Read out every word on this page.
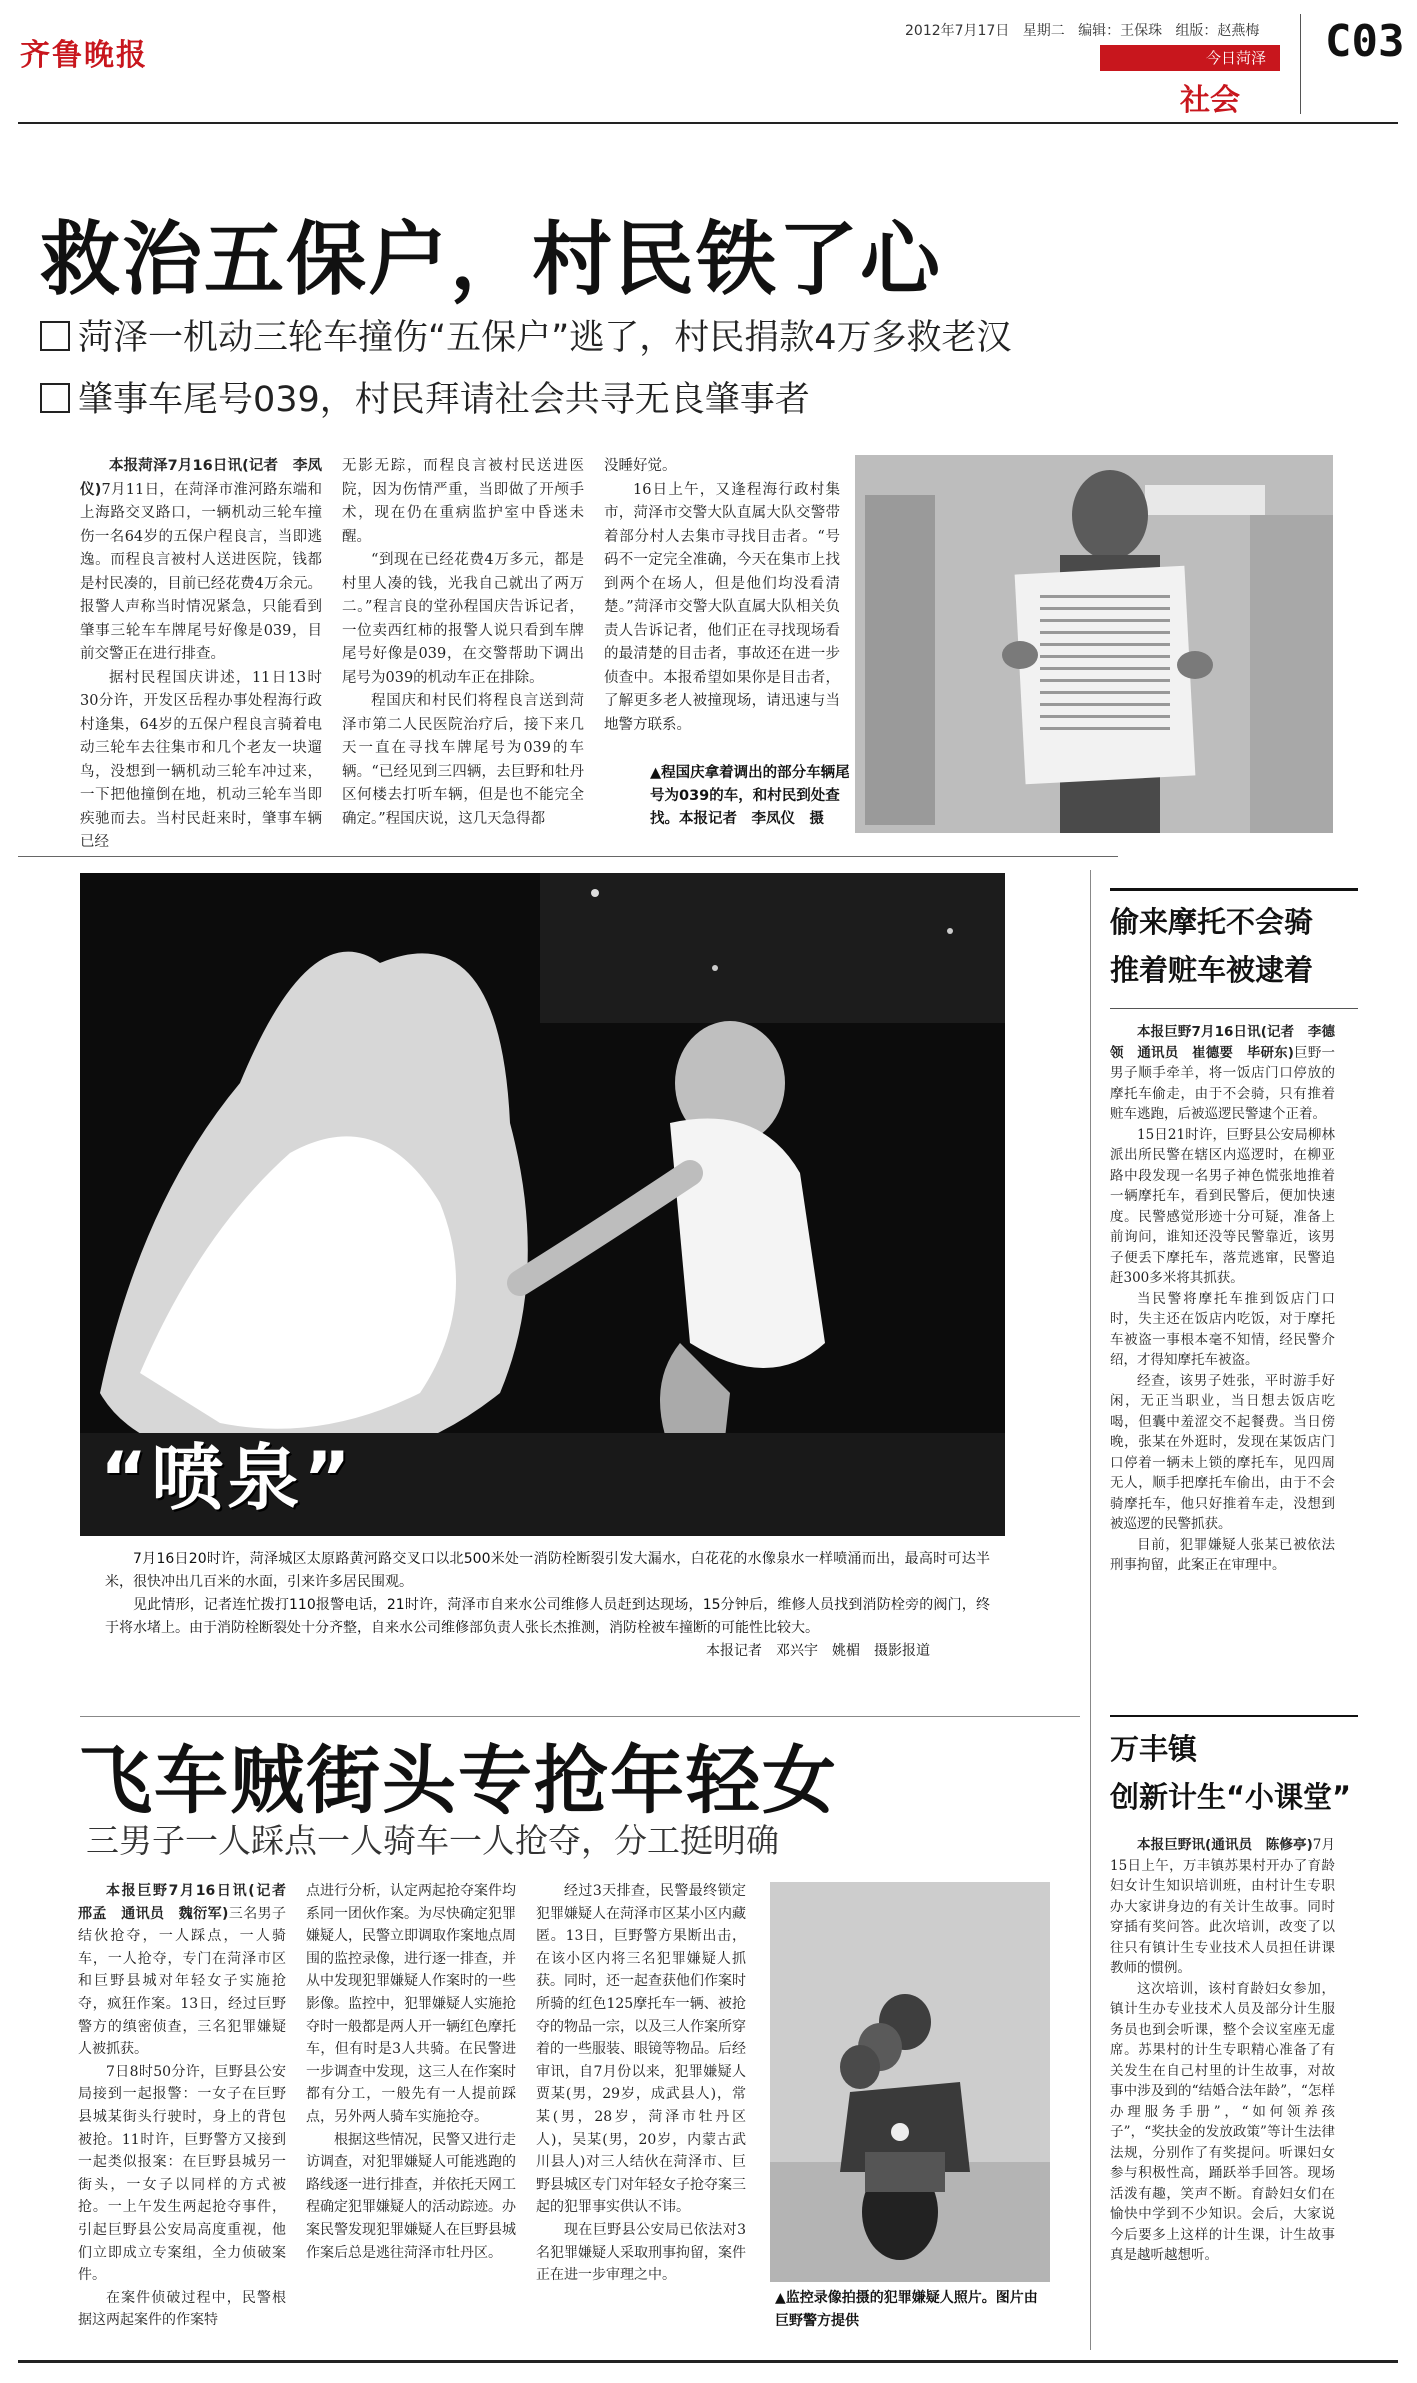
齐鲁晚报
2012年7月17日 星期二 编辑：王保珠 组版：赵燕梅
今日菏泽
社会
C03
救治五保户，村民铁了心
菏泽一机动三轮车撞伤“五保户”逃了，村民捐款4万多救老汉
肇事车尾号039，村民拜请社会共寻无良肇事者

本报菏泽7月16日讯(记者　李凤仪)7月11日，在菏泽市淮河路东端和上海路交叉路口，一辆机动三轮车撞伤一名64岁的五保户程良言，当即逃逸。而程良言被村人送进医院，钱都是村民凑的，目前已经花费4万余元。报警人声称当时情况紧急，只能看到肇事三轮车车牌尾号好像是039，目前交警正在进行排查。

据村民程国庆讲述，11日13时30分许，开发区岳程办事处程海行政村逢集，64岁的五保户程良言骑着电动三轮车去往集市和几个老友一块遛鸟，没想到一辆机动三轮车冲过来，一下把他撞倒在地，机动三轮车当即疾驰而去。当村民赶来时，肇事车辆已经

无影无踪，而程良言被村民送进医院，因为伤情严重，当即做了开颅手术，现在仍在重病监护室中昏迷未醒。

“到现在已经花费4万多元，都是村里人凑的钱，光我自己就出了两万二。”程言良的堂孙程国庆告诉记者，一位卖西红柿的报警人说只看到车牌尾号好像是039，在交警帮助下调出尾号为039的机动车正在排除。

程国庆和村民们将程良言送到菏泽市第二人民医院治疗后，接下来几天一直在寻找车牌尾号为039的车辆。“已经见到三四辆，去巨野和牡丹区何楼去打听车辆，但是也不能完全确定。”程国庆说，这几天急得都

没睡好觉。

16日上午，又逢程海行政村集市，菏泽市交警大队直属大队交警带着部分村人去集市寻找目击者。“号码不一定完全准确，今天在集市上找到两个在场人，但是他们均没看清楚。”菏泽市交警大队直属大队相关负责人告诉记者，他们正在寻找现场看的最清楚的目击者，事故还在进一步侦查中。本报希望如果你是目击者，了解更多老人被撞现场，请迅速与当地警方联系。

▲程国庆拿着调出的部分车辆尾号为039的车，和村民到处查找。本报记者　李凤仪　摄
“喷泉”

7月16日20时许，菏泽城区太原路黄河路交叉口以北500米处一消防栓断裂引发大漏水，白花花的水像泉水一样喷涌而出，最高时可达半米，很快冲出几百米的水面，引来许多居民围观。

见此情形，记者连忙拨打110报警电话，21时许，菏泽市自来水公司维修人员赶到达现场，15分钟后，维修人员找到消防栓旁的阀门，终于将水堵上。由于消防栓断裂处十分齐整，自来水公司维修部负责人张长杰推测，消防栓被车撞断的可能性比较大。

本报记者　邓兴宇　姚楣　摄影报道
偷来摩托不会骑
推着赃车被逮着

本报巨野7月16日讯(记者　李德领　通讯员　崔德要　毕研东)巨野一男子顺手牵羊，将一饭店门口停放的摩托车偷走，由于不会骑，只有推着赃车逃跑，后被巡逻民警逮个正着。

15日21时许，巨野县公安局柳林派出所民警在辖区内巡逻时，在柳亚路中段发现一名男子神色慌张地推着一辆摩托车，看到民警后，便加快速度。民警感觉形迹十分可疑，准备上前询问，谁知还没等民警靠近，该男子便丢下摩托车，落荒逃窜，民警追赶300多米将其抓获。

当民警将摩托车推到饭店门口时，失主还在饭店内吃饭，对于摩托车被盗一事根本毫不知情，经民警介绍，才得知摩托车被盗。

经查，该男子姓张，平时游手好闲，无正当职业，当日想去饭店吃喝，但囊中羞涩交不起餐费。当日傍晚，张某在外逛时，发现在某饭店门口停着一辆未上锁的摩托车，见四周无人，顺手把摩托车偷出，由于不会骑摩托车，他只好推着车走，没想到被巡逻的民警抓获。

目前，犯罪嫌疑人张某已被依法刑事拘留，此案正在审理中。

万丰镇
创新计生“小课堂”

本报巨野讯(通讯员　陈修亭)7月15日上午，万丰镇苏果村开办了育龄妇女计生知识培训班，由村计生专职办大家讲身边的有关计生故事。同时穿插有奖问答。此次培训，改变了以往只有镇计生专业技术人员担任讲课教师的惯例。

这次培训，该村育龄妇女参加，镇计生办专业技术人员及部分计生服务员也到会听课，整个会议室座无虚席。苏果村的计生专职精心准备了有关发生在自己村里的计生故事，对故事中涉及到的“结婚合法年龄”，“怎样办理服务手册”，“如何领养孩子”，“奖扶金的发放政策”等计生法律法规，分别作了有奖提问。听课妇女参与积极性高，踊跃举手回答。现场活泼有趣，笑声不断。育龄妇女们在愉快中学到不少知识。会后，大家说今后要多上这样的计生课，计生故事真是越听越想听。

飞车贼街头专抢年轻女
三男子一人踩点一人骑车一人抢夺，分工挺明确

本报巨野7月16日讯(记者　邢孟　通讯员　魏衍军)三名男子结伙抢夺，一人踩点，一人骑车，一人抢夺，专门在菏泽市区和巨野县城对年轻女子实施抢夺，疯狂作案。13日，经过巨野警方的缜密侦查，三名犯罪嫌疑人被抓获。

7日8时50分许，巨野县公安局接到一起报警：一女子在巨野县城某街头行驶时，身上的背包被抢。11时许，巨野警方又接到一起类似报案：在巨野县城另一街头，一女子以同样的方式被抢。一上午发生两起抢夺事件，引起巨野县公安局高度重视，他们立即成立专案组，全力侦破案件。

在案件侦破过程中，民警根据这两起案件的作案特

点进行分析，认定两起抢夺案件均系同一团伙作案。为尽快确定犯罪嫌疑人，民警立即调取作案地点周围的监控录像，进行逐一排查，并从中发现犯罪嫌疑人作案时的一些影像。监控中，犯罪嫌疑人实施抢夺时一般都是两人开一辆红色摩托车，但有时是3人共骑。在民警进一步调查中发现，这三人在作案时都有分工，一般先有一人提前踩点，另外两人骑车实施抢夺。

根据这些情况，民警又进行走访调查，对犯罪嫌疑人可能逃跑的路线逐一进行排查，并依托天网工程确定犯罪嫌疑人的活动踪迹。办案民警发现犯罪嫌疑人在巨野县城作案后总是逃往菏泽市牡丹区。

经过3天排查，民警最终锁定犯罪嫌疑人在菏泽市区某小区内藏匿。13日，巨野警方果断出击，在该小区内将三名犯罪嫌疑人抓获。同时，还一起查获他们作案时所骑的红色125摩托车一辆、被抢夺的物品一宗，以及三人作案所穿着的一些服装、眼镜等物品。后经审讯，自7月份以来，犯罪嫌疑人贾某(男，29岁，成武县人)，常某(男，28岁，菏泽市牡丹区人)，吴某(男，20岁，内蒙古武川县人)对三人结伙在菏泽市、巨野县城区专门对年轻女子抢夺案三起的犯罪事实供认不讳。

现在巨野县公安局已依法对3名犯罪嫌疑人采取刑事拘留，案件正在进一步审理之中。

▲监控录像拍摄的犯罪嫌疑人照片。图片由巨野警方提供
